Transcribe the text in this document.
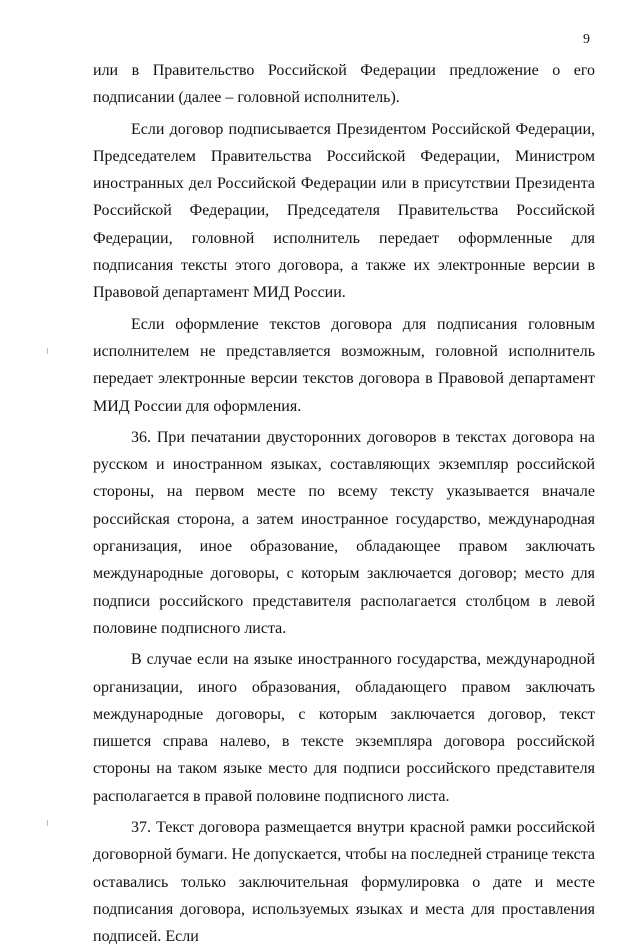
9

или в Правительство Российской Федерации предложение о его подписании (далее – головной исполнитель).

Если договор подписывается Президентом Российской Федерации, Председателем Правительства Российской Федерации, Министром иностранных дел Российской Федерации или в присутствии Президента Российской Федерации, Председателя Правительства Российской Федерации, головной исполнитель передает оформленные для подписания тексты этого договора, а также их электронные версии в Правовой департамент МИД России.

Если оформление текстов договора для подписания головным исполнителем не представляется возможным, головной исполнитель передает электронные версии текстов договора в Правовой департамент МИД России для оформления.

36. При печатании двусторонних договоров в текстах договора на русском и иностранном языках, составляющих экземпляр российской стороны, на первом месте по всему тексту указывается вначале российская сторона, а затем иностранное государство, международная организация, иное образование, обладающее правом заключать международные договоры, с которым заключается договор; место для подписи российского представителя располагается столбцом в левой половине подписного листа.

В случае если на языке иностранного государства, международной организации, иного образования, обладающего правом заключать международные договоры, с которым заключается договор, текст пишется справа налево, в тексте экземпляра договора российской стороны на таком языке место для подписи российского представителя располагается в правой половине подписного листа.

37. Текст договора размещается внутри красной рамки российской договорной бумаги. Не допускается, чтобы на последней странице текста оставались только заключительная формулировка о дате и месте подписания договора, используемых языках и места для проставления подписей. Если
